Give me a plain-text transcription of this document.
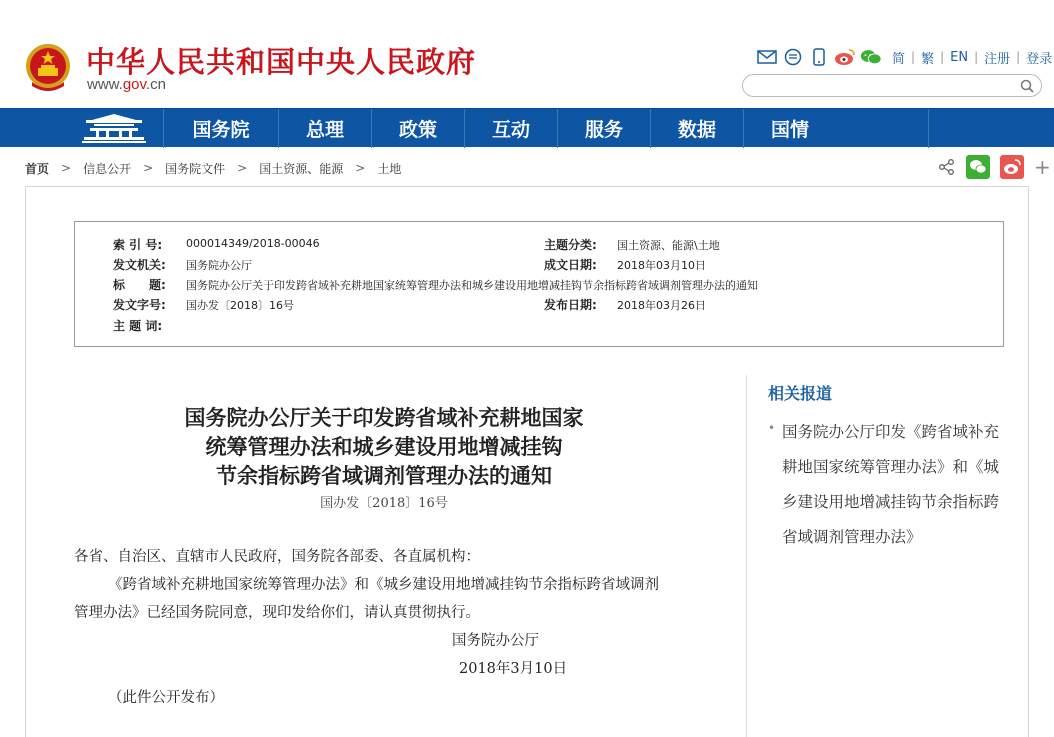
中华人民共和国中央人民政府
www.gov.cn
简 | 繁 | EN | 注册 | 登录
国务院	总理	政策	互动	服务	数据	国情
首页 > 信息公开 > 国务院文件 > 国土资源、能源 > 土地	+
索 引 号: 000014349/2018-00046	主题分类: 国土资源、能源\土地
发文机关: 国务院办公厅	成文日期: 2018年03月10日
标　　题: 国务院办公厅关于印发跨省域补充耕地国家统筹管理办法和城乡建设用地增减挂钩节余指标跨省域调剂管理办法的通知
发文字号: 国办发〔2018〕16号	发布日期: 2018年03月26日
主 题 词:
国务院办公厅关于印发跨省域补充耕地国家
统筹管理办法和城乡建设用地增减挂钩
节余指标跨省域调剂管理办法的通知
国办发〔2018〕16号
各省、自治区、直辖市人民政府，国务院各部委、各直属机构：
《跨省域补充耕地国家统筹管理办法》和《城乡建设用地增减挂钩节余指标跨省域调剂
管理办法》已经国务院同意，现印发给你们，请认真贯彻执行。
国务院办公厅
2018年3月10日
（此件公开发布）
相关报道
• 国务院办公厅印发《跨省域补充耕地国家统筹管理办法》和《城乡建设用地增减挂钩节余指标跨省域调剂管理办法》
